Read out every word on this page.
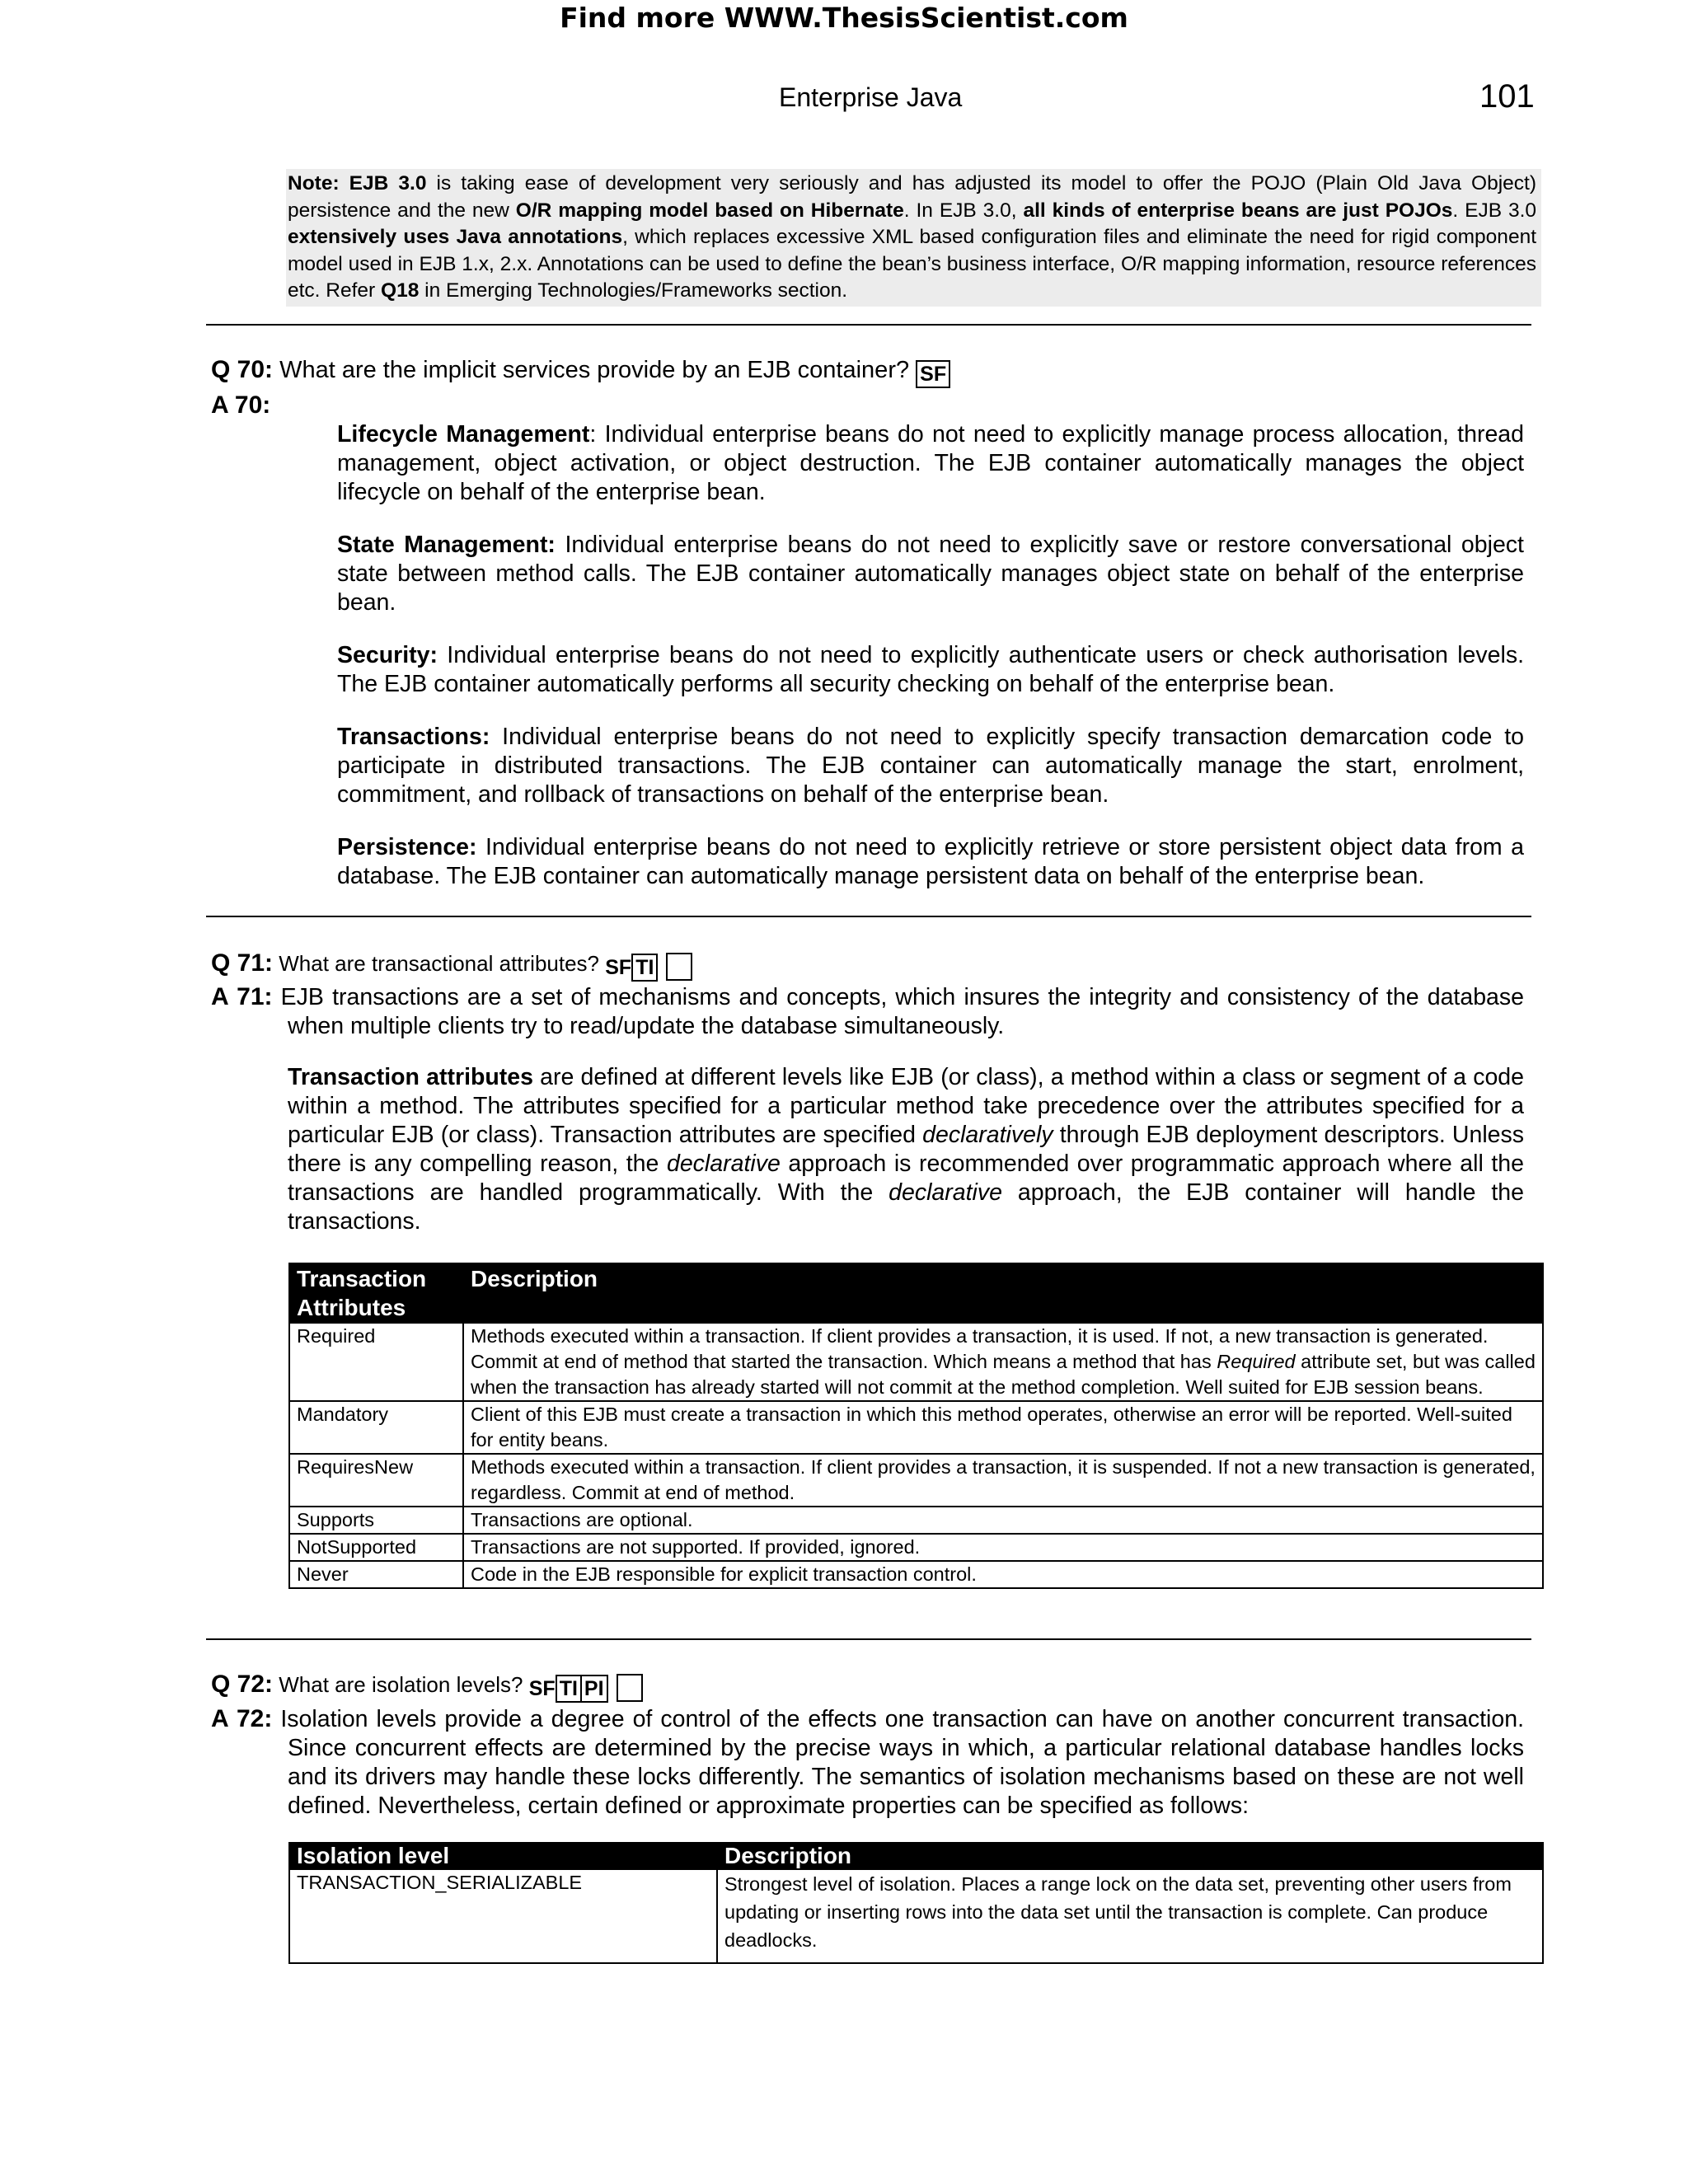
Find more WWW.ThesisScientist.com
Enterprise Java	101
Note: EJB 3.0 is taking ease of development very seriously and has adjusted its model to offer the POJO (Plain Old Java Object) persistence and the new O/R mapping model based on Hibernate. In EJB 3.0, all kinds of enterprise beans are just POJOs. EJB 3.0 extensively uses Java annotations, which replaces excessive XML based configuration files and eliminate the need for rigid component model used in EJB 1.x, 2.x. Annotations can be used to define the bean’s business interface, O/R mapping information, resource references etc. Refer Q18 in Emerging Technologies/Frameworks section.
Q 70: What are the implicit services provide by an EJB container? SF
A 70:

Lifecycle Management: Individual enterprise beans do not need to explicitly manage process allocation, thread management, object activation, or object destruction. The EJB container automatically manages the object lifecycle on behalf of the enterprise bean.

State Management: Individual enterprise beans do not need to explicitly save or restore conversational object state between method calls. The EJB container automatically manages object state on behalf of the enterprise bean.

Security: Individual enterprise beans do not need to explicitly authenticate users or check authorisation levels. The EJB container automatically performs all security checking on behalf of the enterprise bean.

Transactions: Individual enterprise beans do not need to explicitly specify transaction demarcation code to participate in distributed transactions. The EJB container can automatically manage the start, enrolment, commitment, and rollback of transactions on behalf of the enterprise bean.

Persistence: Individual enterprise beans do not need to explicitly retrieve or store persistent object data from a database. The EJB container can automatically manage persistent data on behalf of the enterprise bean.

Q 71: What are transactional attributes? SF TI
A 71: EJB transactions are a set of mechanisms and concepts, which insures the integrity and consistency of the database when multiple clients try to read/update the database simultaneously.
Transaction attributes are defined at different levels like EJB (or class), a method within a class or segment of a code within a method. The attributes specified for a particular method take precedence over the attributes specified for a particular EJB (or class). Transaction attributes are specified declaratively through EJB deployment descriptors. Unless there is any compelling reason, the declarative approach is recommended over programmatic approach where all the transactions are handled programmatically. With the declarative approach, the EJB container will handle the transactions.
Transaction Attributes	Description
Required	Methods executed within a transaction. If client provides a transaction, it is used. If not, a new transaction is generated. Commit at end of method that started the transaction. Which means a method that has Required attribute set, but was called when the transaction has already started will not commit at the method completion. Well suited for EJB session beans.
Mandatory	Client of this EJB must create a transaction in which this method operates, otherwise an error will be reported. Well-suited for entity beans.
RequiresNew	Methods executed within a transaction. If client provides a transaction, it is suspended. If not a new transaction is generated, regardless. Commit at end of method.
Supports	Transactions are optional.
NotSupported	Transactions are not supported. If provided, ignored.
Never	Code in the EJB responsible for explicit transaction control.
Q 72: What are isolation levels? SF TI PI
A 72: Isolation levels provide a degree of control of the effects one transaction can have on another concurrent transaction. Since concurrent effects are determined by the precise ways in which, a particular relational database handles locks and its drivers may handle these locks differently. The semantics of isolation mechanisms based on these are not well defined. Nevertheless, certain defined or approximate properties can be specified as follows:
Isolation level	Description
TRANSACTION_SERIALIZABLE	Strongest level of isolation. Places a range lock on the data set, preventing other users from updating or inserting rows into the data set until the transaction is complete. Can produce deadlocks.
